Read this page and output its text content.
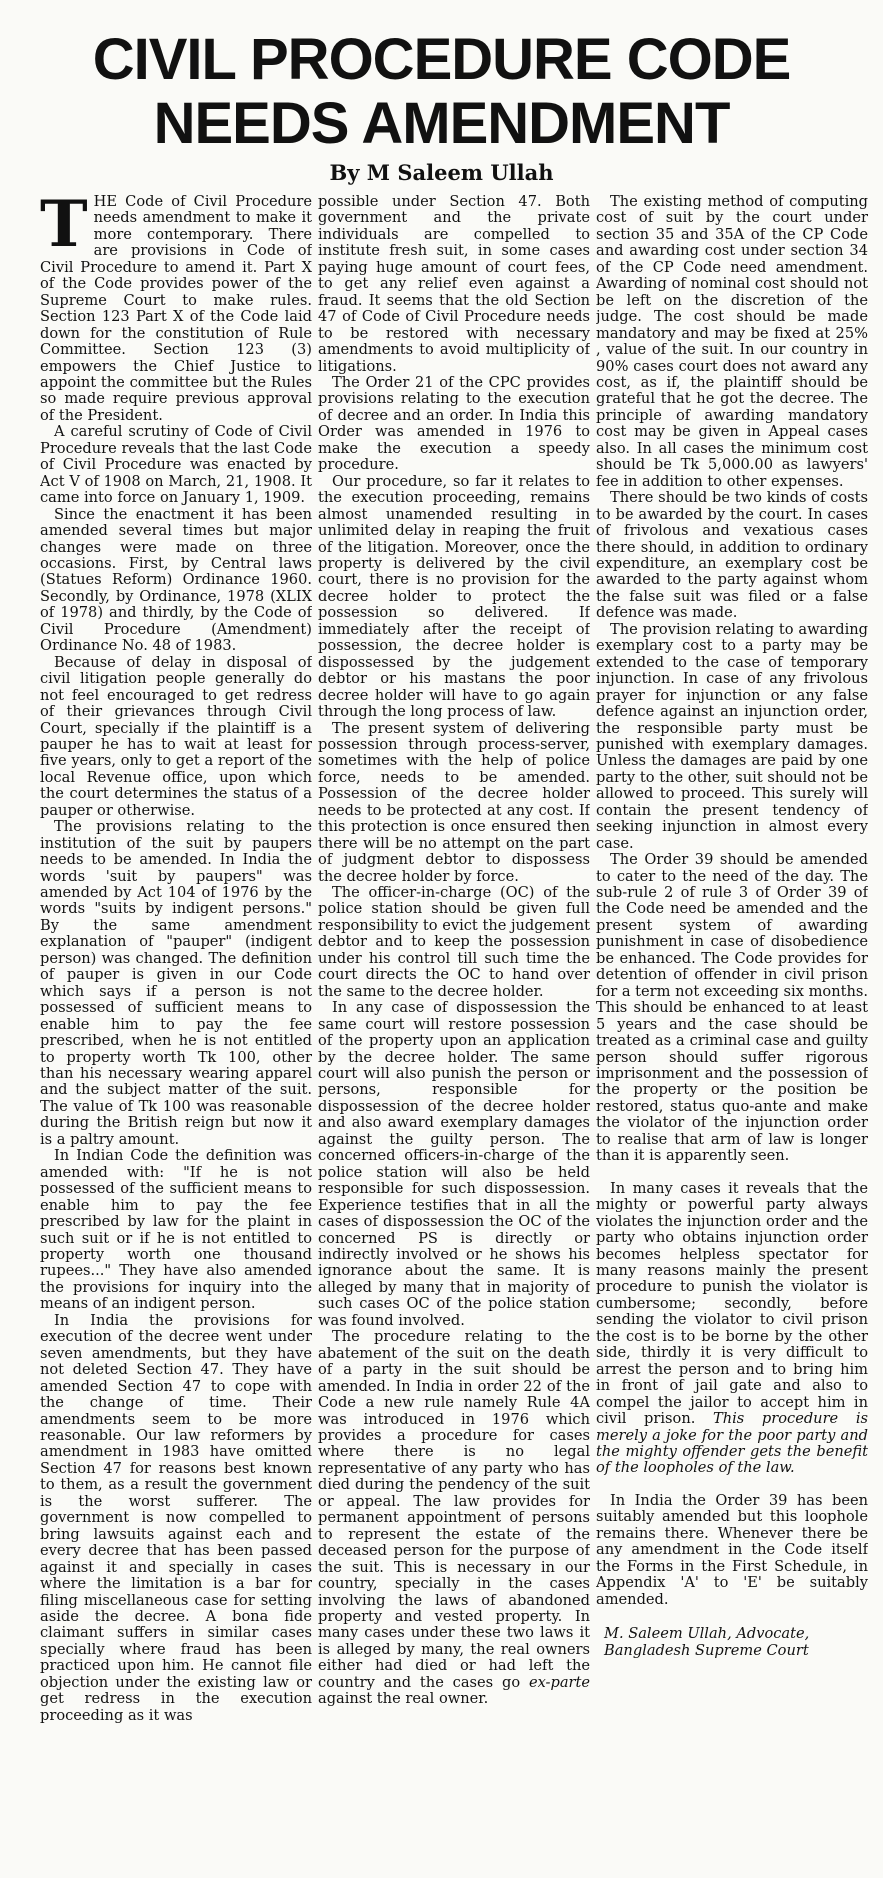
CIVIL PROCEDURE CODE
NEEDS AMENDMENT
By M Saleem Ullah

THE Code of Civil Procedure needs amendment to make it more contemporary. There are provisions in Code of Civil Procedure to amend it. Part X of the Code provides power of the Supreme Court to make rules. Section 123 Part X of the Code laid down for the constitution of Rule Committee. Section 123 (3) empowers the Chief Justice to appoint the committee but the Rules so made require previous approval of the President.

A careful scrutiny of Code of Civil Procedure reveals that the last Code of Civil Procedure was enacted by Act V of 1908 on March, 21, 1908. It came into force on January 1, 1909.

Since the enactment it has been amended several times but major changes were made on three occasions. First, by Central laws (Statues Reform) Ordinance 1960. Secondly, by Ordinance, 1978 (XLIX of 1978) and thirdly, by the Code of Civil Procedure (Amendment) Ordinance No. 48 of 1983.

Because of delay in disposal of civil litigation people generally do not feel encouraged to get redress of their grievances through Civil Court, specially if the plaintiff is a pauper he has to wait at least for five years, only to get a report of the local Revenue office, upon which the court determines the status of a pauper or otherwise.

The provisions relating to the institution of the suit by paupers needs to be amended. In India the words 'suit by paupers" was amended by Act 104 of 1976 by the words "suits by indigent persons." By the same amendment explanation of "pauper" (indigent person) was changed. The definition of pauper is given in our Code which says if a person is not possessed of sufficient means to enable him to pay the fee prescribed, when he is not entitled to property worth Tk 100, other than his necessary wearing apparel and the subject matter of the suit. The value of Tk 100 was reasonable during the British reign but now it is a paltry amount.

In Indian Code the definition was amended with: "If he is not possessed of the sufficient means to enable him to pay the fee prescribed by law for the plaint in such suit or if he is not entitled to property worth one thousand rupees..." They have also amended the provisions for inquiry into the means of an indigent person.

In India the provisions for execution of the decree went under seven amendments, but they have not deleted Section 47. They have amended Section 47 to cope with the change of time. Their amendments seem to be more reasonable. Our law reformers by amendment in 1983 have omitted Section 47 for reasons best known to them, as a result the government is the worst sufferer. The government is now compelled to bring lawsuits against each and every decree that has been passed against it and specially in cases where the limitation is a bar for filing miscellaneous case for setting aside the decree. A bona fide claimant suffers in similar cases specially where fraud has been practiced upon him. He cannot file objection under the existing law or get redress in the execution proceeding as it was

possible under Section 47. Both government and the private individuals are compelled to institute fresh suit, in some cases paying huge amount of court fees, to get any relief even against a fraud. It seems that the old Section 47 of Code of Civil Procedure needs to be restored with necessary amendments to avoid multiplicity of litigations.

The Order 21 of the CPC provides provisions relating to the execution of decree and an order. In India this Order was amended in 1976 to make the execution a speedy procedure.

Our procedure, so far it relates to the execution proceeding, remains almost unamended resulting in unlimited delay in reaping the fruit of the litigation. Moreover, once the property is delivered by the civil court, there is no provision for the decree holder to protect the possession so delivered. If immediately after the receipt of possession, the decree holder is dispossessed by the judgement debtor or his mastans the poor decree holder will have to go again through the long process of law.

The present system of delivering possession through process-server, sometimes with the help of police force, needs to be amended. Possession of the decree holder needs to be protected at any cost. If this protection is once ensured then there will be no attempt on the part of judgment debtor to dispossess the decree holder by force.

The officer-in-charge (OC) of the police station should be given full responsibility to evict the judgement debtor and to keep the possession under his control till such time the court directs the OC to hand over the same to the decree holder.

In any case of dispossession the same court will restore possession of the property upon an application by the decree holder. The same court will also punish the person or persons, responsible for dispossession of the decree holder and also award exemplary damages against the guilty person. The concerned officers-in-charge of the police station will also be held responsible for such dispossession. Experience testifies that in all the cases of dispossession the OC of the concerned PS is directly or indirectly involved or he shows his ignorance about the same. It is alleged by many that in majority of such cases OC of the police station was found involved.

The procedure relating to the abatement of the suit on the death of a party in the suit should be amended. In India in order 22 of the Code a new rule namely Rule 4A was introduced in 1976 which provides a procedure for cases where there is no legal representative of any party who has died during the pendency of the suit or appeal. The law provides for permanent appointment of persons to represent the estate of the deceased person for the purpose of the suit. This is necessary in our country, specially in the cases involving the laws of abandoned property and vested property. In many cases under these two laws it is alleged by many, the real owners either had died or had left the country and the cases go ex-parte against the real owner.

The existing method of computing cost of suit by the court under section 35 and 35A of the CP Code and awarding cost under section 34 of the CP Code need amendment. Awarding of nominal cost should not be left on the discretion of the judge. The cost should be made mandatory and may be fixed at 25% , value of the suit. In our country in 90% cases court does not award any cost, as if, the plaintiff should be grateful that he got the decree. The principle of awarding mandatory cost may be given in Appeal cases also. In all cases the minimum cost should be Tk 5,000.00 as lawyers' fee in addition to other expenses.

There should be two kinds of costs to be awarded by the court. In cases of frivolous and vexatious cases there should, in addition to ordinary expenditure, an exemplary cost be awarded to the party against whom the false suit was filed or a false defence was made.

The provision relating to awarding exemplary cost to a party may be extended to the case of temporary injunction. In case of any frivolous prayer for injunction or any false defence against an injunction order, the responsible party must be punished with exemplary damages. Unless the damages are paid by one party to the other, suit should not be allowed to proceed. This surely will contain the present tendency of seeking injunction in almost every case.

The Order 39 should be amended to cater to the need of the day. The sub-rule 2 of rule 3 of Order 39 of the Code need be amended and the present system of awarding punishment in case of disobedience be enhanced. The Code provides for detention of offender in civil prison for a term not exceeding six months. This should be enhanced to at least 5 years and the case should be treated as a criminal case and guilty person should suffer rigorous imprisonment and the possession of the property or the position be restored, status quo-ante and make the violator of the injunction order to realise that arm of law is longer than it is apparently seen.

In many cases it reveals that the mighty or powerful party always violates the injunction order and the party who obtains injunction order becomes helpless spectator for many reasons mainly the present procedure to punish the violator is cumbersome; secondly, before sending the violator to civil prison the cost is to be borne by the other side, thirdly it is very difficult to arrest the person and to bring him in front of jail gate and also to compel the jailor to accept him in civil prison. This procedure is merely a joke for the poor party and the mighty offender gets the benefit of the loopholes of the law.

In India the Order 39 has been suitably amended but this loophole remains there. Whenever there be any amendment in the Code itself the Forms in the First Schedule, in Appendix 'A' to 'E' be suitably amended.

M. Saleem Ullah, Advocate,
Bangladesh Supreme Court
